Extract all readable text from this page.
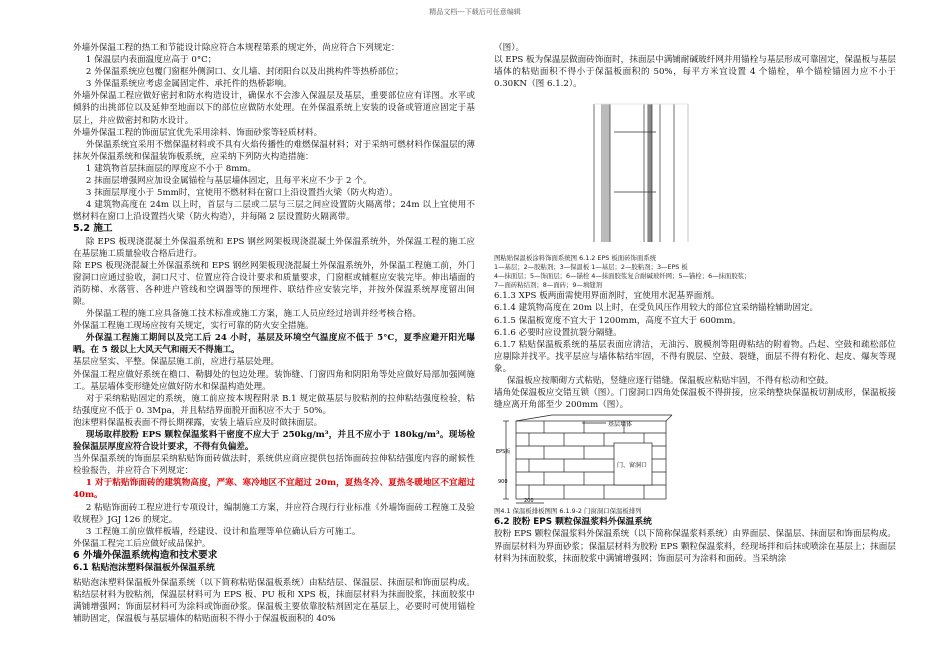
精品文档---下载后可任意编辑

外墙外保温工程的热工和节能设计除应符合本规程第系的规定外，尚应符合下列规定：

1 保温层内表面温度应高于 0°C；

2 外保温系统应包覆门窗框外侧洞口、女儿墙、封闭阳台以及出挑构件等热桥部位；

3 外保温系统应考虑金属固定件、承托件的热桥影响。

外墙外保温工程应做好密封和防水构造设计，确保水不会渗入保温层及基层，重要部位应有详图。水平或倾斜的出挑部位以及延伸至地面以下的部位应做防水处理。在外保温系统上安装的设备或管道应固定于基层上，并应做密封和防水设计。

外墙外保温工程的饰面层宜优先采用涂料、饰面砂浆等轻质材料。

外保温系统宜采用不燃保温材料或不具有火焰传播性的难燃保温材料；对于采纳可燃材料作保温层的薄抹灰外保温系统和保温装饰板系统，应采纳下列防火构造措施：

1 建筑物首层抹面层的厚度应不小于 8mm。

2 抹面层增强网应加设金属锚栓与基层墙体固定，且每平米应不少于 2 个。

3 抹面层厚度小于 5mm时，宜使用不燃材料在窗口上沿设置挡火梁（防火构造）。

4 建筑物高度在 24m 以上时，首层与二层或二层与三层之间应设置防火隔离带；24m 以上宜使用不燃材料在窗口上沿设置挡火梁（防火构造），并每隔 2 层设置防火隔离带。

5.2 施工

除 EPS 板现浇混凝土外保温系统和 EPS 钢丝网架板现浇混凝土外保温系统外，外保温工程的施工应在基层施工质量验收合格后进行。

除 EPS 板现浇混凝土外保温系统和 EPS 钢丝网架板现浇混凝土外保温系统外，外保温工程施工前，外门窗洞口应通过验收，洞口尺寸、位置应符合设计要求和质量要求，门窗框或辅框应安装完毕。伸出墙面的消防梯、水落管、各种进户管线和空调器等的预埋件、联结件应安装完毕，并按外保温系统厚度留出间隙。

外保温工程的施工应具备施工技术标准或施工方案，施工人员应经过培训并经考核合格。

外保温工程施工现场应按有关规定，实行可靠的防火安全措施。

外保温工程施工期间以及完工后 24 小时，基层及环境空气温度应不低于 5°C，夏季应避开阳光曝晒。在 5 级以上大风天气和雨天不得施工。

基层应坚实、平整。保温层施工前，应进行基层处理。

外保温工程应做好系统在檐口、勒脚处的包边处理。装饰缝、门窗四角和阴阳角等处应做好局部加强网施工。基层墙体变形缝处应做好防水和保温构造处理。

对于采纳粘贴固定的系统，施工前应按本规程附录 B.1 规定做基层与胶粘剂的拉伸粘结强度检验，粘结强度应不低于 0. 3Mpa，并且粘结界面脱开面积应不大于 50%。

泡沫塑料保温板表面不得长期裸露，安装上墙后应及时做抹面层。

现场取样胶粉 EPS 颗粒保温浆料干密度不应大于 250kg/m³，并且不应小于 180kg/m³。现场检验保温层厚度应符合设计要求，不得有负偏差。

当外保温系统的饰面层采纳粘贴饰面砖做法时，系统供应商应提供包括饰面砖拉伸粘结强度内容的耐候性检验报告，并应符合下列规定：

1 对于粘贴饰面砖的建筑物高度，严寒、寒冷地区不宜超过 20m，夏热冬冷、夏热冬暖地区不宜超过 40m。

2 粘贴饰面砖工程应进行专项设计，编制施工方案，并应符合现行行业标准《外墙饰面砖工程施工及验收规程》JGJ 126 的规定。

3 工程施工前应做样板墙，经建设、设计和监理等单位确认后方可施工。

外保温工程完工后应做好成品保护。

6 外墙外保温系统构造和技术要求

6.1 粘贴泡沫塑料保温板外保温系统

粘贴泡沫塑料保温板外保温系统（以下简称粘贴保温板系统）由粘结层、保温层、抹面层和饰面层构成。粘结层材料为胶粘剂，保温层材料可为 EPS 板、PU 板和 XPS 板，抹面层材料为抹面胶浆，抹面胶浆中满铺增强网；饰面层材料可为涂料或饰面砂浆。保温板主要依靠胶粘剂固定在基层上，必要时可使用锚栓辅助固定，保温板与基层墙体的粘贴面积不得小于保温板面积的 40%

（图）。

以 EPS 板为保温层做面砖饰面时，抹面层中满铺耐碱玻纤网并用锚栓与基层形成可靠固定，保温板与基层墙体的粘贴面积不得小于保温板面积的 50%，每平方米宜设置 4 个锚栓，单个锚栓锚固力应不小于 0.30KN（图 6.1.2）。

图粘贴保温板涂料饰面系统图 6.1.2 EPS 板面砖饰面系统

1—基层；2—胶粘剂；3—保温板 1—基层；2—胶粘剂；3—EPS 板

4—抹面层；5—饰面层；6—锚栓 4—抹面胶浆复合耐碱玻纤网；5—锚栓；6—抹面胶浆；

7—面砖粘结剂；8—面砖；9—填缝剂

6.1.3 XPS 板两面需使用界面剂时，宜使用水泥基界面剂。

6.1.4 建筑物高度在 20m 以上时，在受负风压作用较大的部位宜采纳锚栓辅助固定。

6.1.5 保温板宽度不宜大于 1200mm，高度不宜大于 600mm。

6.1.6 必要时应设置抗裂分隔缝。

6.1.7 粘贴保温板系统的基层表面应清洁，无油污、脱模剂等阻碍粘结的附着物。凸起、空鼓和疏松部位应剔除并找平。找平层应与墙体粘结牢固，不得有脱层、空鼓、裂缝，面层不得有粉化、起皮、爆灰等现象。

保温板应按顺砌方式粘贴，竖缝应逐行错缝。保温板应粘贴牢固，不得有松动和空鼓。

墙角处保温板应交错互锁（图）。门窗洞口四角处保温板不得拼接，应采纳整块保温板切割成形，保温板接缝应离开角部至少 200mm（图）。

基层墙体
EPS板
门、窗洞口
900
200

图4.1 保温板排板图图 6.1.9-2 门窗洞口保温板排列

6.2 胶粉 EPS 颗粒保温浆料外保温系统

胶粉 EPS 颗粒保温浆料外保温系统（以下简称保温浆料系统）由界面层、保温层、抹面层和饰面层构成。界面层材料为界面砂浆；保温层材料为胶粉 EPS 颗粒保温浆料，经现场拌和后抹或喷涂在基层上；抹面层材料为抹面胶浆，抹面胶浆中满铺增强网；饰面层可为涂料和面砖。当采纳涂
